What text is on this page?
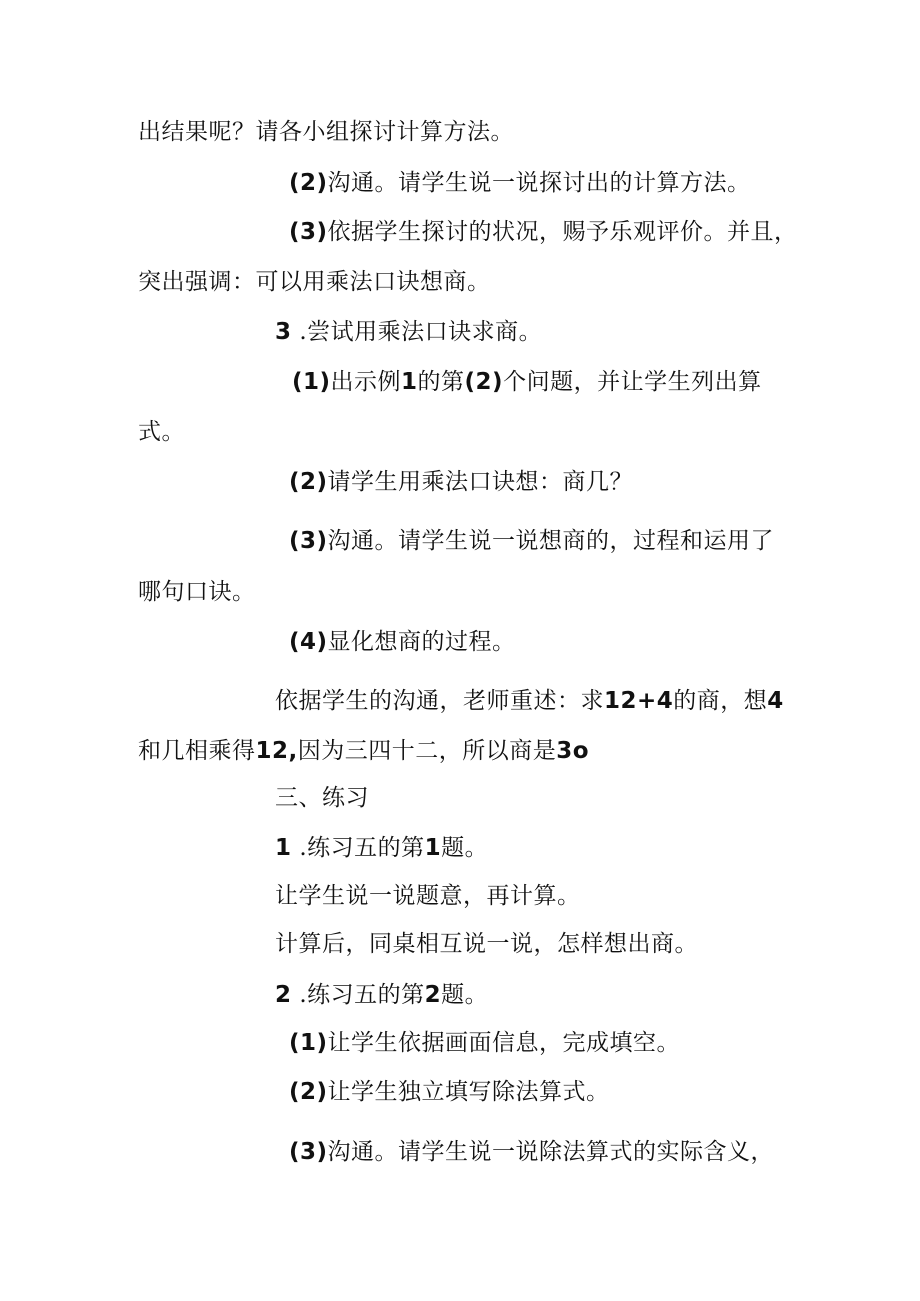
出结果呢？请各小组探讨计算方法。
(2)沟通。请学生说一说探讨出的计算方法。
(3)依据学生探讨的状况，赐予乐观评价。并且，
突出强调：可以用乘法口诀想商。
3 .尝试用乘法口诀求商。
(1)出示例1的第(2)个问题，并让学生列出算
式。
(2)请学生用乘法口诀想：商几？
(3)沟通。请学生说一说想商的，过程和运用了
哪句口诀。
(4)显化想商的过程。
依据学生的沟通，老师重述：求12+4的商，想4
和几相乘得12,因为三四十二，所以商是3o
三、练习
1 .练习五的第1题。
让学生说一说题意，再计算。
计算后，同桌相互说一说，怎样想出商。
2 .练习五的第2题。
(1)让学生依据画面信息，完成填空。
(2)让学生独立填写除法算式。
(3)沟通。请学生说一说除法算式的实际含义，
